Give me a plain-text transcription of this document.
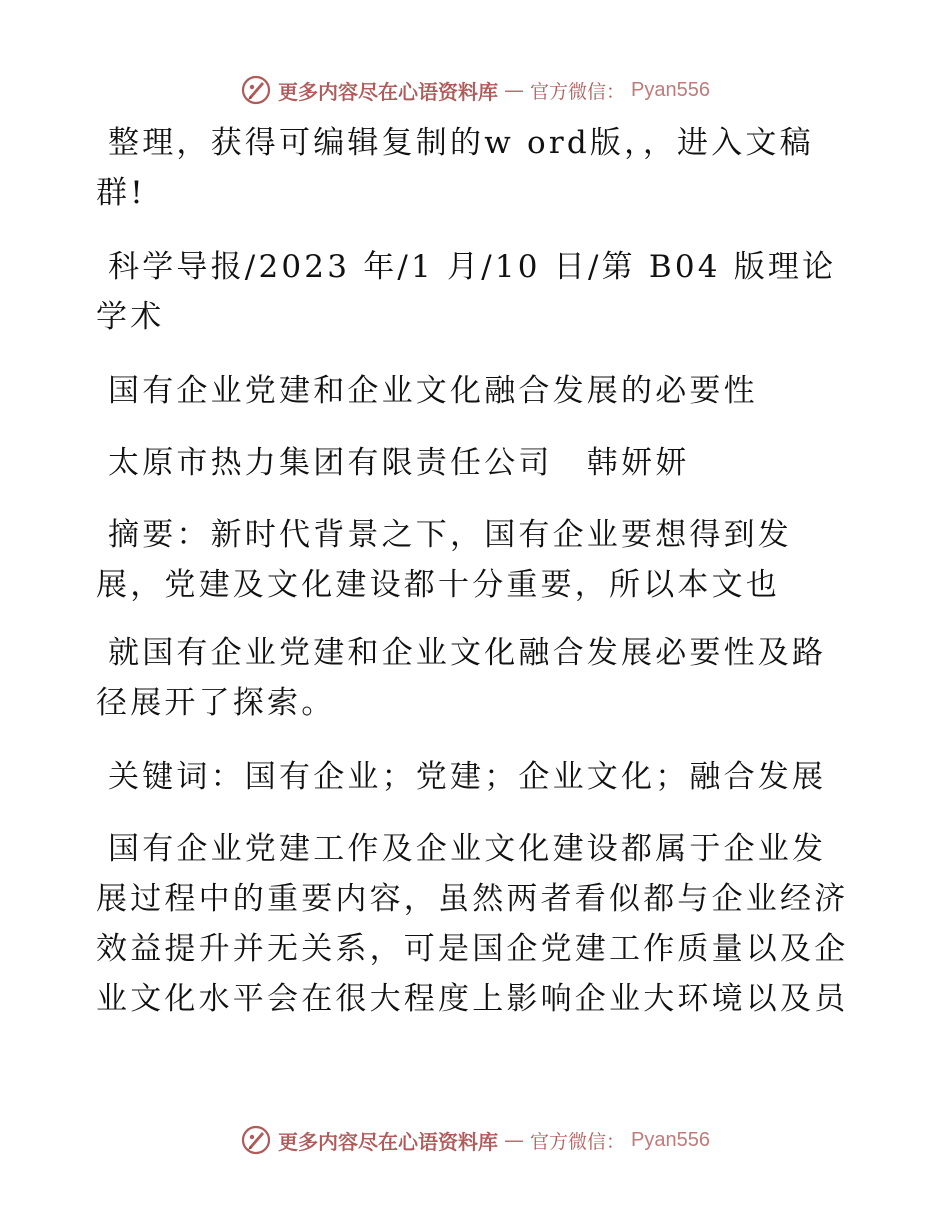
更多内容尽在心语资料库 — 官方微信： Pyan556

整理，获得可编辑复制的w ord版，，进入文稿群!

科学导报/2023 年/1 月/10 日/第 B04 版理论学术

国有企业党建和企业文化融合发展的必要性

太原市热力集团有限责任公司　韩妍妍

摘要：新时代背景之下，国有企业要想得到发展，党建及文化建设都十分重要，所以本文也

就国有企业党建和企业文化融合发展必要性及路径展开了探索。

关键词：国有企业；党建；企业文化；融合发展

国有企业党建工作及企业文化建设都属于企业发展过程中的重要内容，虽然两者看似都与企业经济效益提升并无关系，可是国企党建工作质量以及企业文化水平会在很大程度上影响企业大环境以及员

更多内容尽在心语资料库 — 官方微信： Pyan556
